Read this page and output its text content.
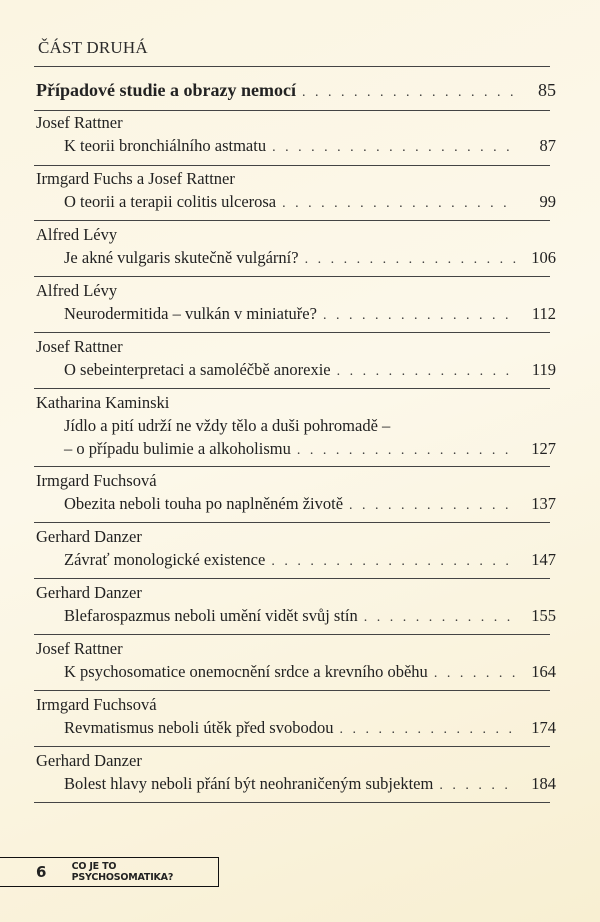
ČÁST DRUHÁ
Případové studie a obrazy nemocí . . .	85
Josef Rattner
K teorii bronchiálního astmatu . . .	87
Irmgard Fuchs a Josef Rattner
O teorii a terapii colitis ulcerosa . . .	99
Alfred Lévy
Je akné vulgaris skutečně vulgární? . . .	106
Alfred Lévy
Neurodermitida – vulkán v miniatuře? . . .	112
Josef Rattner
O sebeinterpretaci a samoléčbě anorexie . . .	119
Katharina Kaminski
Jídlo a pití udrží ne vždy tělo a duši pohromadě –
– o případu bulimie a alkoholismu . . .	127
Irmgard Fuchsová
Obezita neboli touha po naplněném životě . . .	137
Gerhard Danzer
Závrať monologické existence . . .	147
Gerhard Danzer
Blefarospazmus neboli umění vidět svůj stín . . .	155
Josef Rattner
K psychosomatice onemocnění srdce a krevního oběhu . . .	164
Irmgard Fuchsová
Revmatismus neboli útěk před svobodou . . .	174
Gerhard Danzer
Bolest hlavy neboli přání být neohraničeným subjektem . . .	184
6	CO JE TO PSYCHOSOMATIKA?
